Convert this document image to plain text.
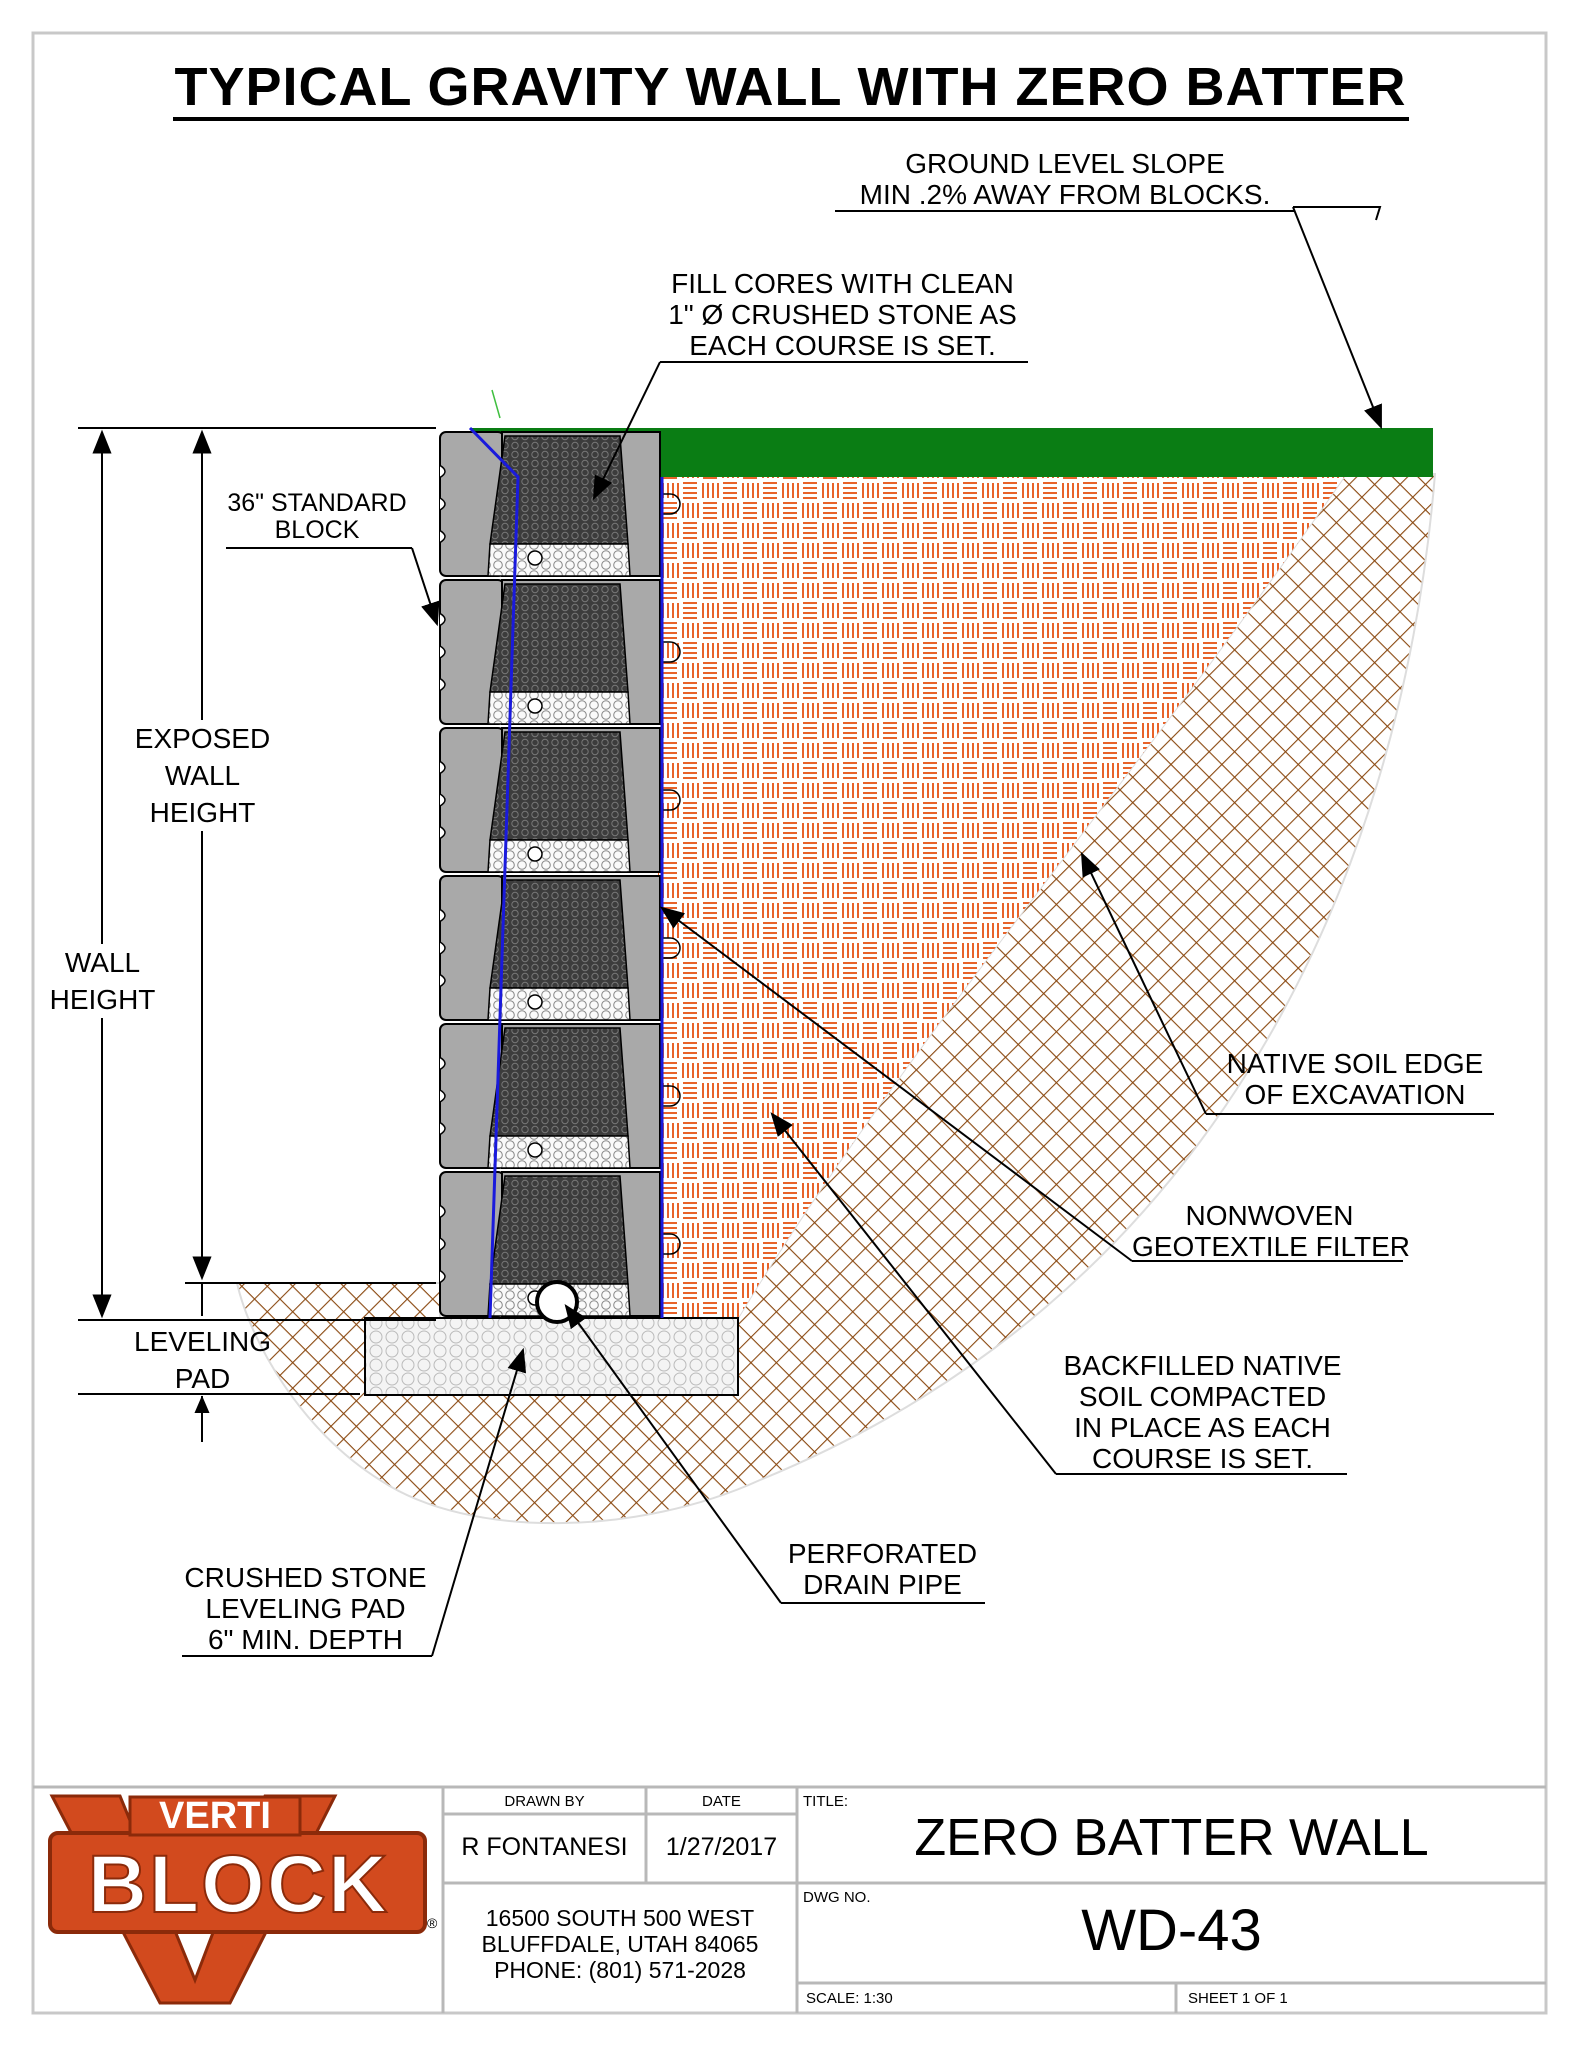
TYPICAL GRAVITY WALL WITH ZERO BATTER
GROUND LEVEL SLOPE
MIN .2% AWAY FROM BLOCKS.
FILL CORES WITH CLEAN
1" Ø CRUSHED STONE AS
EACH COURSE IS SET.
36" STANDARD
BLOCK
EXPOSED
WALL
HEIGHT
WALL
HEIGHT
LEVELING
PAD
NATIVE SOIL EDGE
OF EXCAVATION
NONWOVEN
GEOTEXTILE FILTER
BACKFILLED NATIVE
SOIL COMPACTED
IN PLACE AS EACH
COURSE IS SET.
CRUSHED STONE
LEVELING PAD
6" MIN. DEPTH
PERFORATED
DRAIN PIPE
VERTI
BLOCK	®
DRAWN BY	DATE
R FONTANESI	1/27/2017
TITLE:
ZERO BATTER WALL
DWG NO.
WD-43
16500 SOUTH 500 WEST
BLUFFDALE, UTAH 84065
PHONE: (801) 571-2028
SCALE: 1:30	SHEET 1 OF 1
